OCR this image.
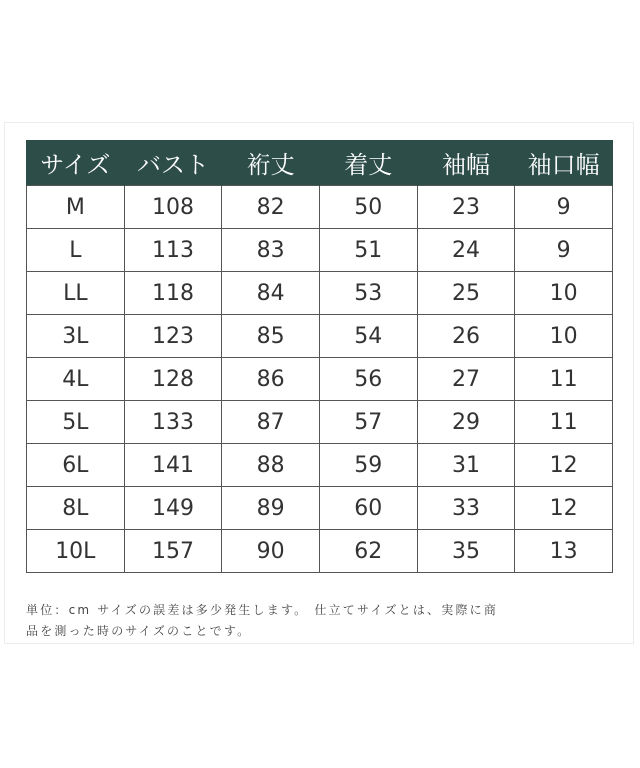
サイズ	バスト	裄丈	着丈	袖幅	袖口幅
M	108	82	50	23	9
L	113	83	51	24	9
LL	118	84	53	25	10
3L	123	85	54	26	10
4L	128	86	56	27	11
5L	133	87	57	29	11
6L	141	88	59	31	12
8L	149	89	60	33	12
10L	157	90	62	35	13
単位：cm サイズの誤差は多少発生します。 仕立てサイズとは、実際に商
品を測った時のサイズのことです。
